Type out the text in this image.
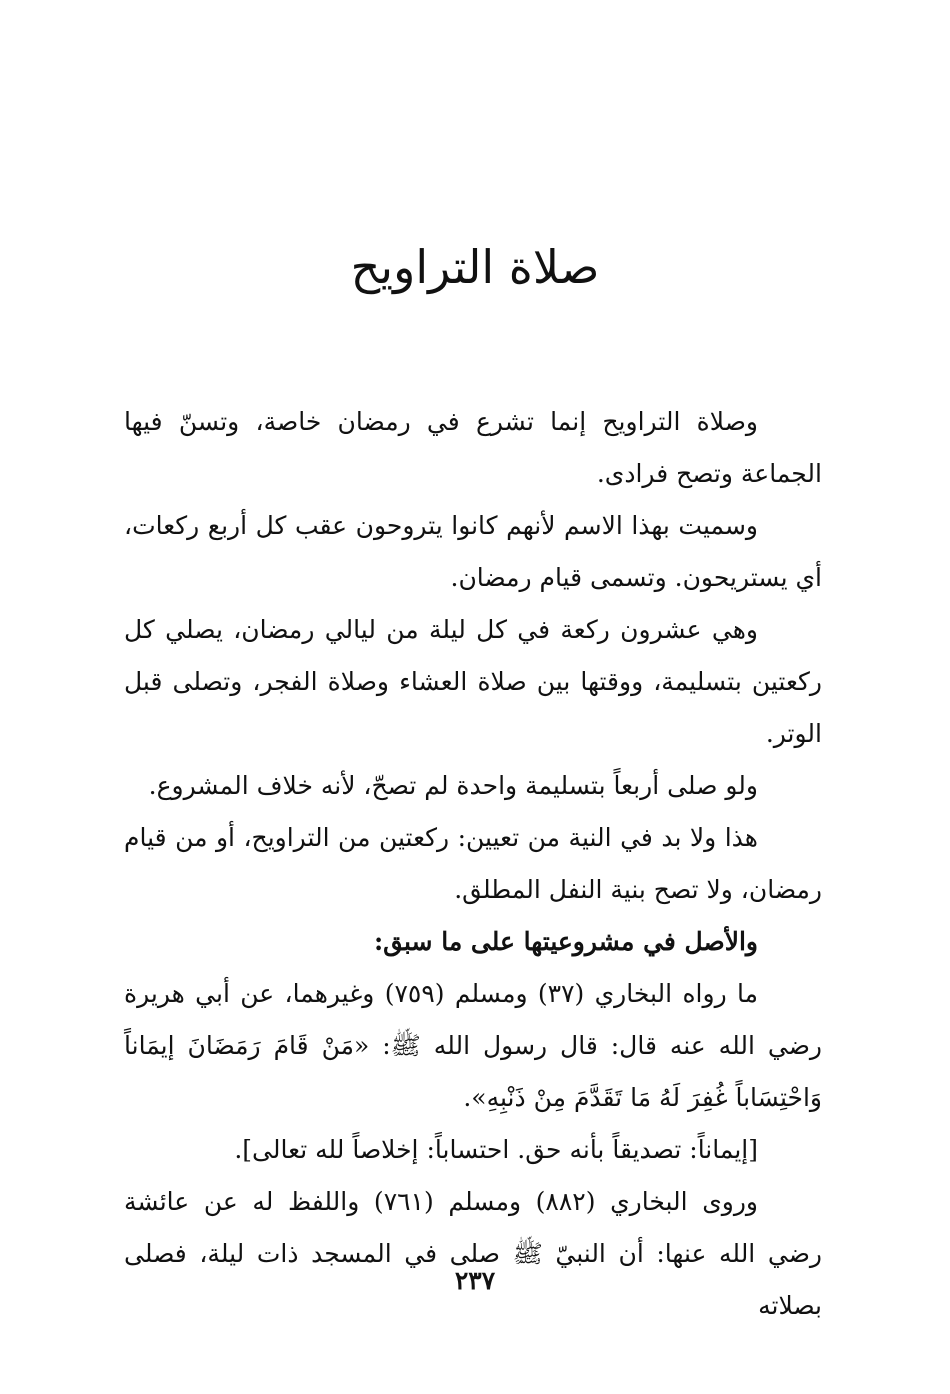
صلاة التراويح

وصلاة التراويح إنما تشرع في رمضان خاصة، وتسنّ فيها الجماعة وتصح فرادى.

وسميت بهذا الاسم لأنهم كانوا يتروحون عقب كل أربع ركعات، أي يستريحون. وتسمى قيام رمضان.

وهي عشرون ركعة في كل ليلة من ليالي رمضان، يصلي كل ركعتين بتسليمة، ووقتها بين صلاة العشاء وصلاة الفجر، وتصلى قبل الوتر.

ولو صلى أربعاً بتسليمة واحدة لم تصحّ، لأنه خلاف المشروع.

هذا ولا بد في النية من تعيين: ركعتين من التراويح، أو من قيام رمضان، ولا تصح بنية النفل المطلق.

والأصل في مشروعيتها على ما سبق:

ما رواه البخاري (٣٧) ومسلم (٧٥٩) وغيرهما، عن أبي هريرة رضي الله عنه قال: قال رسول الله ﷺ: «مَنْ قَامَ رَمَضَانَ إيمَاناً وَاحْتِسَاباً غُفِرَ لَهُ مَا تَقَدَّمَ مِنْ ذَنْبِهِ».

[إيماناً: تصديقاً بأنه حق. احتساباً: إخلاصاً لله تعالى].

وروى البخاري (٨٨٢) ومسلم (٧٦١) واللفظ له عن عائشة رضي الله عنها: أن النبيّ ﷺ صلى في المسجد ذات ليلة، فصلى بصلاته

٢٣٧
